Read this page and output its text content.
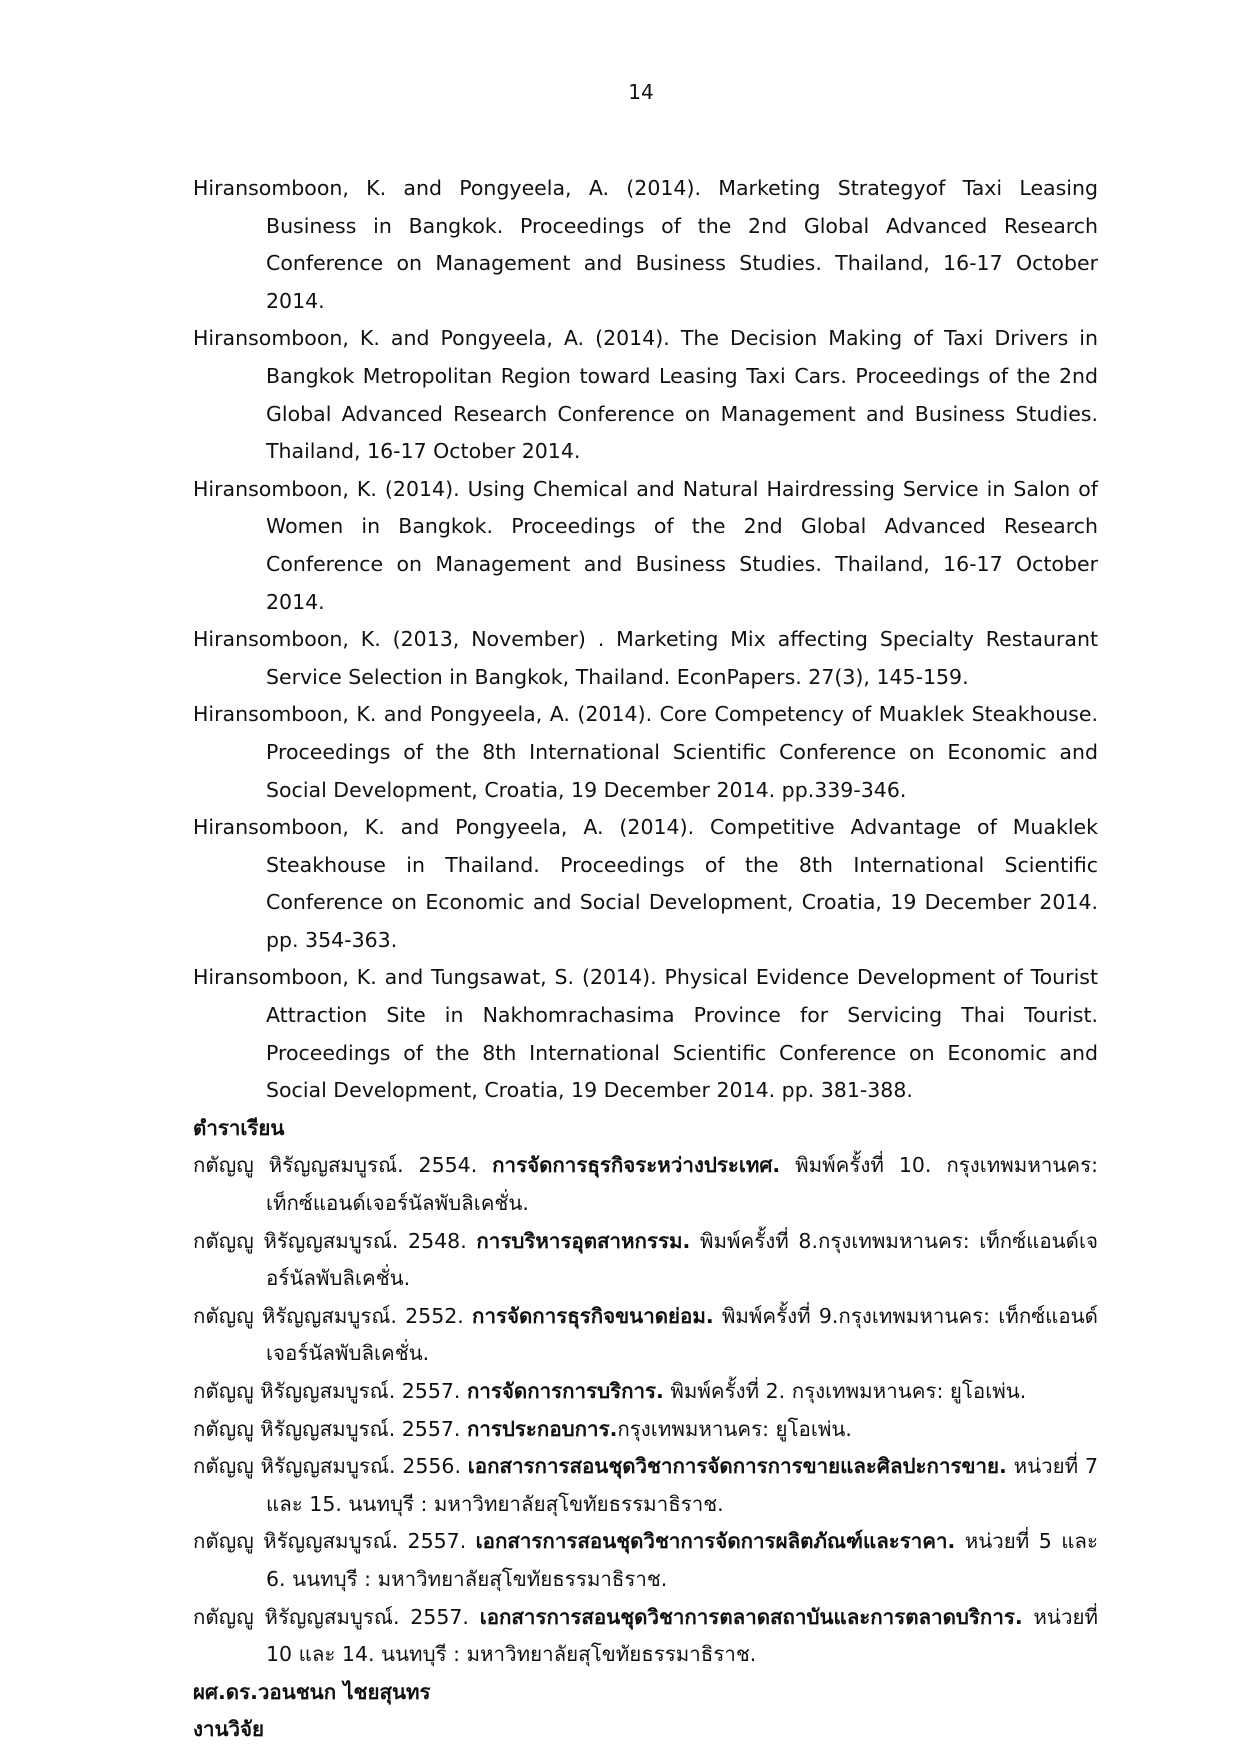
14

Hiransomboon, K. and Pongyeela, A. (2014). Marketing Strategyof Taxi Leasing Business in Bangkok. Proceedings of the 2nd Global Advanced Research Conference on Management and Business Studies. Thailand, 16-17 October 2014.

Hiransomboon, K. and Pongyeela, A. (2014). The Decision Making of Taxi Drivers in Bangkok Metropolitan Region toward Leasing Taxi Cars. Proceedings of the 2nd Global Advanced Research Conference on Management and Business Studies. Thailand, 16-17 October 2014.

Hiransomboon, K. (2014). Using Chemical and Natural Hairdressing Service in Salon of Women in Bangkok. Proceedings of the 2nd Global Advanced Research Conference on Management and Business Studies. Thailand, 16-17 October 2014.

Hiransomboon, K. (2013, November) . Marketing Mix affecting Specialty Restaurant Service Selection in Bangkok, Thailand. EconPapers. 27(3), 145-159.

Hiransomboon, K. and Pongyeela, A. (2014). Core Competency of Muaklek Steakhouse. Proceedings of the 8th International Scientific Conference on Economic and Social Development, Croatia, 19 December 2014. pp.339-346.

Hiransomboon, K. and Pongyeela, A. (2014). Competitive Advantage of Muaklek Steakhouse in Thailand. Proceedings of the 8th International Scientific Conference on Economic and Social Development, Croatia, 19 December 2014. pp. 354-363.

Hiransomboon, K. and Tungsawat, S. (2014). Physical Evidence Development of Tourist Attraction Site in Nakhomrachasima Province for Servicing Thai Tourist. Proceedings of the 8th International Scientific Conference on Economic and Social Development, Croatia, 19 December 2014. pp. 381-388.

ตำราเรียน

กตัญญู หิรัญญสมบูรณ์. 2554. การจัดการธุรกิจระหว่างประเทศ. พิมพ์ครั้งที่ 10. กรุงเทพมหานคร: เท็กซ์แอนด์เจอร์นัลพับลิเคชั่น.

กตัญญู หิรัญญสมบูรณ์. 2548. การบริหารอุตสาหกรรม. พิมพ์ครั้งที่ 8.กรุงเทพมหานคร: เท็กซ์แอนด์เจอร์นัลพับลิเคชั่น.

กตัญญู หิรัญญสมบูรณ์. 2552. การจัดการธุรกิจขนาดย่อม. พิมพ์ครั้งที่ 9.กรุงเทพมหานคร: เท็กซ์แอนด์เจอร์นัลพับลิเคชั่น.

กตัญญู หิรัญญสมบูรณ์. 2557. การจัดการการบริการ. พิมพ์ครั้งที่ 2. กรุงเทพมหานคร: ยูโอเพ่น.

กตัญญู หิรัญญสมบูรณ์. 2557. การประกอบการ.กรุงเทพมหานคร: ยูโอเพ่น.

กตัญญู หิรัญญสมบูรณ์. 2556. เอกสารการสอนชุดวิชาการจัดการการขายและศิลปะการขาย. หน่วยที่ 7 และ 15. นนทบุรี : มหาวิทยาลัยสุโขทัยธรรมาธิราช.

กตัญญู หิรัญญสมบูรณ์. 2557. เอกสารการสอนชุดวิชาการจัดการผลิตภัณฑ์และราคา. หน่วยที่ 5 และ 6. นนทบุรี : มหาวิทยาลัยสุโขทัยธรรมาธิราช.

กตัญญู หิรัญญสมบูรณ์. 2557. เอกสารการสอนชุดวิชาการตลาดสถาบันและการตลาดบริการ. หน่วยที่ 10 และ 14. นนทบุรี : มหาวิทยาลัยสุโขทัยธรรมาธิราช.

ผศ.ดร.วอนชนก ไชยสุนทร

งานวิจัย
